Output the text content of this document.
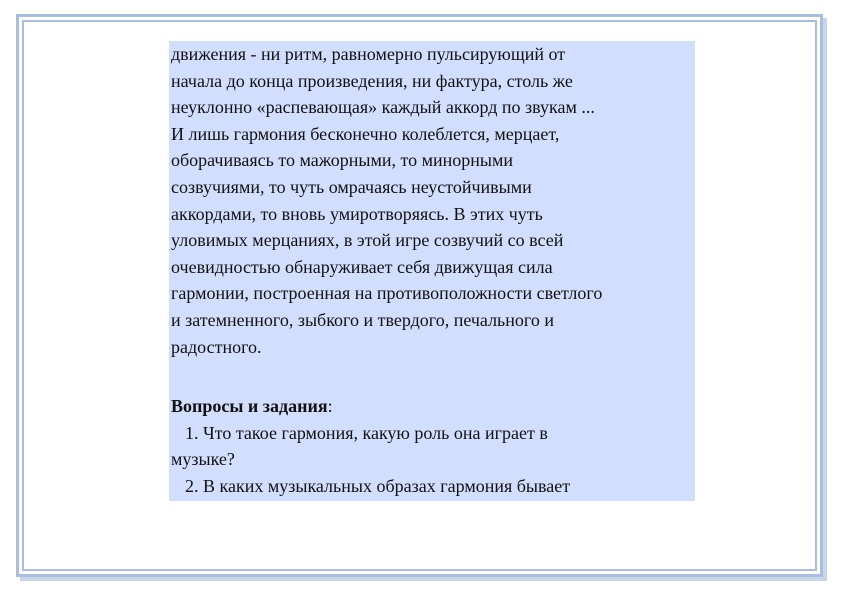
движения - ни ритм, равномерно пульсирующий от
начала до конца произведения, ни фактура, столь же
неуклонно «распевающая» каждый аккорд по звукам ...
И лишь гармония бесконечно колеблется, мерцает,
оборачиваясь то мажорными, то минорными
созвучиями, то чуть омрачаясь неустойчивыми
аккордами, то вновь умиротворяясь. В этих чуть
уловимых мерцаниях, в этой игре созвучий со всей
очевидностью обнаруживает себя движущая сила
гармонии, построенная на противоположности светлого
и затемненного, зыбкого и твердого, печального и
радостного.
Вопросы и задания:
1. Что такое гармония, какую роль она играет в
музыке?
2. В каких музыкальных образах гармония бывает
